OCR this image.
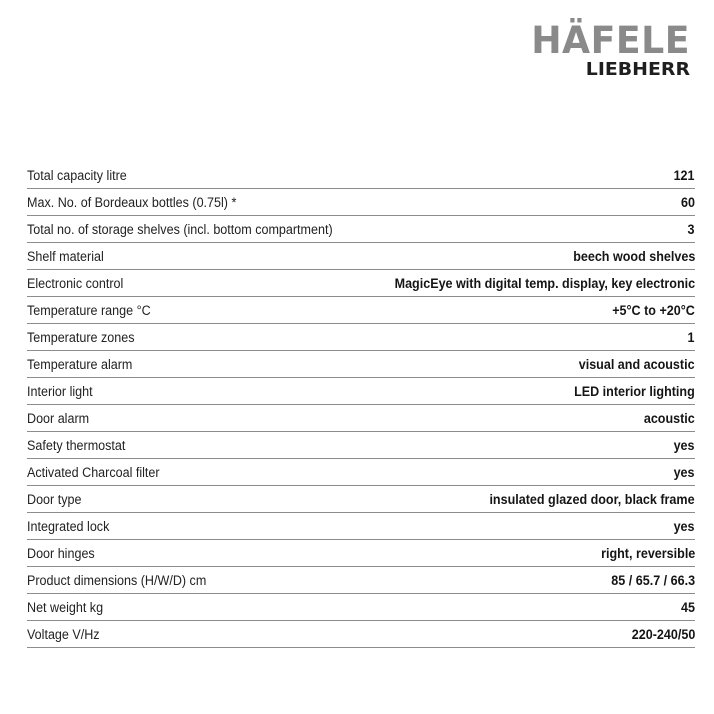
HÄFELE
LIEBHERR
Total capacity litre	121
Max. No. of Bordeaux bottles (0.75l) *	60
Total no. of storage shelves (incl. bottom compartment)	3
Shelf material	beech wood shelves
Electronic control	MagicEye with digital temp. display, key electronic
Temperature range °C	+5°C to +20°C
Temperature zones	1
Temperature alarm	visual and acoustic
Interior light	LED interior lighting
Door alarm	acoustic
Safety thermostat	yes
Activated Charcoal filter	yes
Door type	insulated glazed door, black frame
Integrated lock	yes
Door hinges	right, reversible
Product dimensions (H/W/D) cm	85 / 65.7 / 66.3
Net weight kg	45
Voltage V/Hz	220-240/50
